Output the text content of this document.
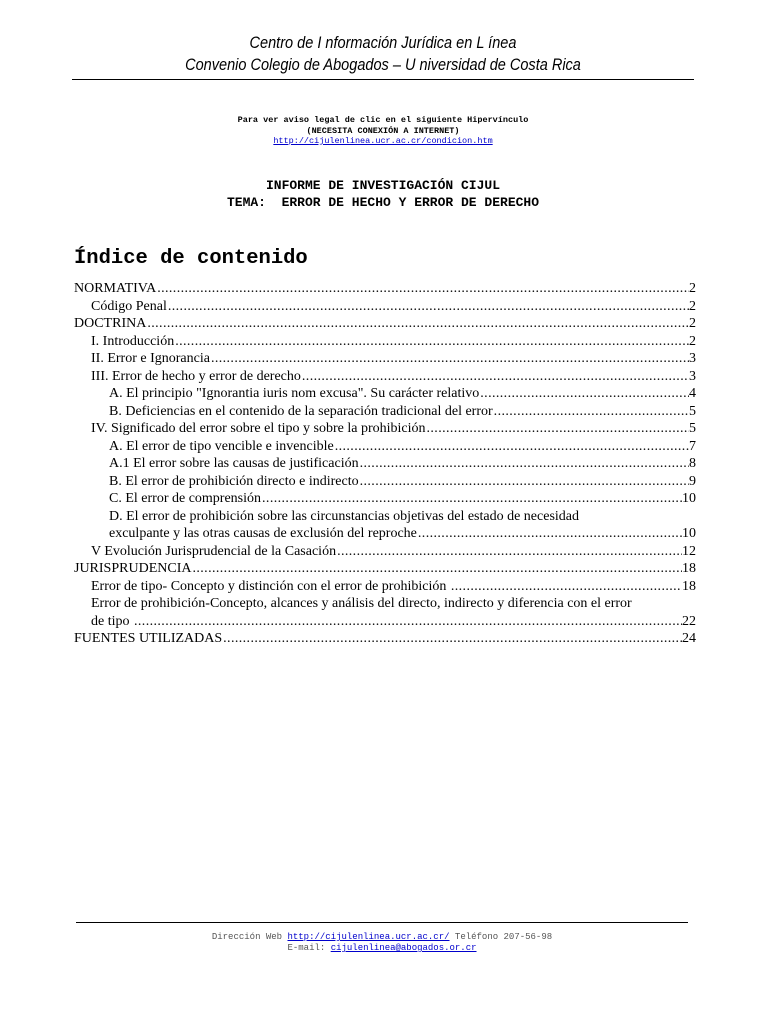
Centro de I nformación Jurídica en L ínea
Convenio Colegio de Abogados – U niversidad de Costa Rica
Para ver aviso legal de clic en el siguiente Hipervínculo
(NECESITA CONEXIÓN A INTERNET)
http://cijulenlinea.ucr.ac.cr/condicion.htm
INFORME DE INVESTIGACIÓN CIJUL
TEMA:  ERROR DE HECHO Y ERROR DE DERECHO
Índice de contenido
NORMATIVA .....	2
Código Penal .....	2
DOCTRINA .....	2
I. Introducción .....	2
II. Error e Ignorancia .....	3
III. Error de hecho y error de derecho .....	3
A. El principio "Ignorantia iuris nom excusa". Su carácter relativo .....	4
B. Deficiencias en el contenido de la separación tradicional del error .....	5
IV. Significado del error sobre el tipo y sobre la prohibición .....	5
A. El error de tipo vencible e invencible .....	7
A.1 El error sobre las causas de justificación .....	8
B. El error de prohibición directo e indirecto .....	9
C. El error de comprensión .....	10
D. El error de prohibición sobre las circunstancias objetivas del estado de necesidad
exculpante y las otras causas de exclusión del reproche .....	10
V Evolución Jurisprudencial de la Casación .....	12
JURISPRUDENCIA .....	18
Error de tipo- Concepto y distinción con el error de prohibición .....	18
Error de prohibición-Concepto, alcances y análisis del directo, indirecto y diferencia con el error
de tipo .....	22
FUENTES UTILIZADAS .....	24
Dirección Web http://cijulenlinea.ucr.ac.cr/ Teléfono 207-56-98
E-mail: cijulenlinea@abogados.or.cr
